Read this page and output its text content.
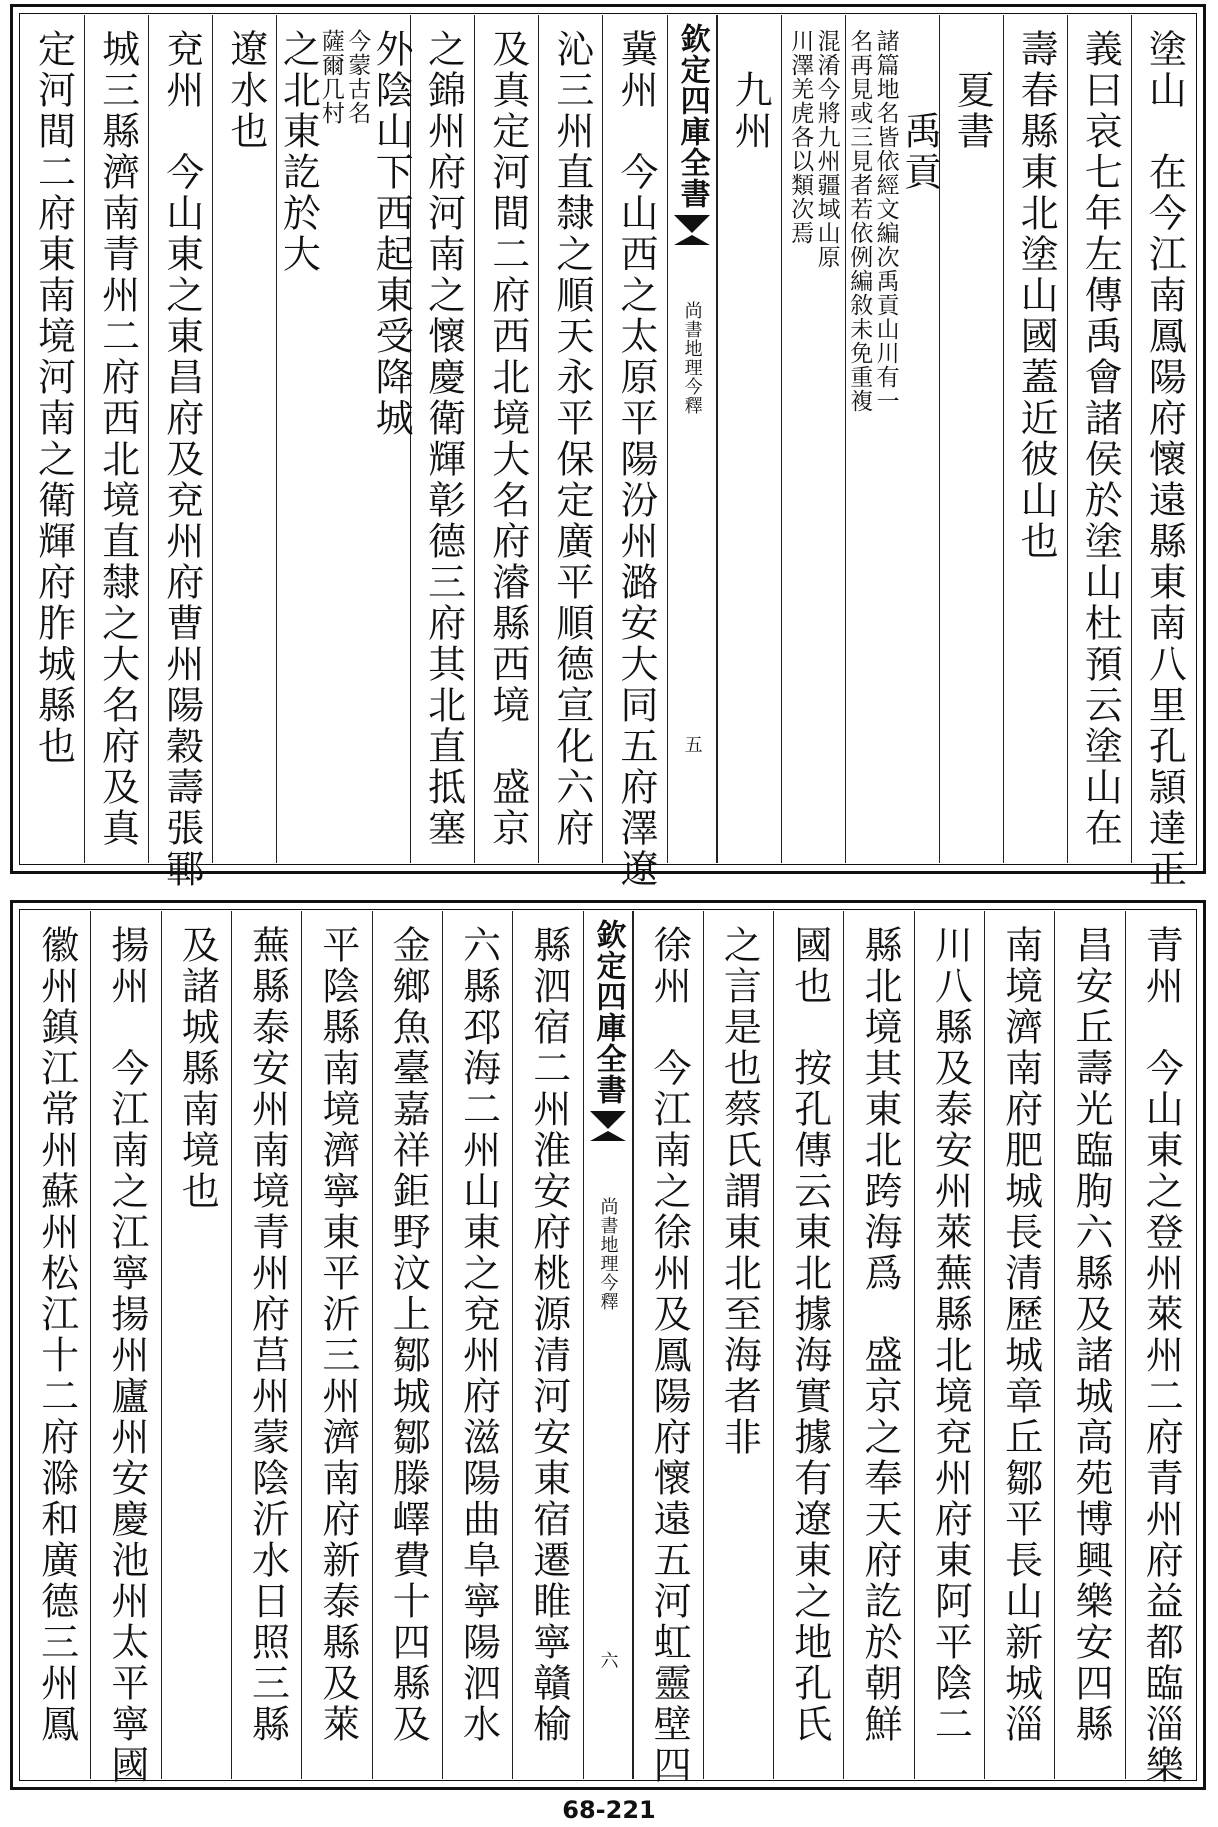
塗山　在今江南鳳陽府懷遠縣東南八里孔頴達正
義曰哀七年左傳禹會諸侯於塗山杜預云塗山在
壽春縣東北塗山國蓋近彼山也
　夏書
　　禹貢
諸篇地名皆依經文編次禹貢山川有一
名再見或三見者若依例編敘未免重複
混淆今將九州疆域山原
川澤羌虎各以類次焉
　九州
欽定四庫全書
尚書地理今釋
五
冀州　今山西之太原平陽汾州潞安大同五府澤遼
沁三州直隸之順天永平保定廣平順德宣化六府
及真定河間二府西北境大名府濬縣西境　盛京
之錦州府河南之懷慶衛輝彰德三府其北直抵塞
外陰山下西起東受降城
今蒙古名
薩爾几村
之北東訖於大
遼水也
兗州　今山東之東昌府及兗州府曹州陽穀壽張鄆
城三縣濟南青州二府西北境直隸之大名府及真
定河間二府東南境河南之衛輝府胙城縣也
青州　今山東之登州萊州二府青州府益都臨淄樂
昌安丘壽光臨朐六縣及諸城高苑博興樂安四縣
南境濟南府肥城長清歷城章丘鄒平長山新城淄
川八縣及泰安州萊蕪縣北境兗州府東阿平陰二
縣北境其東北跨海爲　盛京之奉天府訖於朝鮮
國也　按孔傳云東北據海實據有遼東之地孔氏
之言是也蔡氏謂東北至海者非
徐州　今江南之徐州及鳳陽府懷遠五河虹靈壁四
欽定四庫全書
尚書地理今釋
六
縣泗宿二州淮安府桃源清河安東宿遷睢寧贛榆
六縣邳海二州山東之兗州府滋陽曲阜寧陽泗水
金鄉魚臺嘉祥鉅野汶上鄒城鄒滕嶧費十四縣及
平陰縣南境濟寧東平沂三州濟南府新泰縣及萊
蕪縣泰安州南境青州府莒州蒙陰沂水日照三縣
及諸城縣南境也
揚州　今江南之江寧揚州廬州安慶池州太平寧國
徽州鎮江常州蘇州松江十二府滁和廣德三州鳳
68-221
